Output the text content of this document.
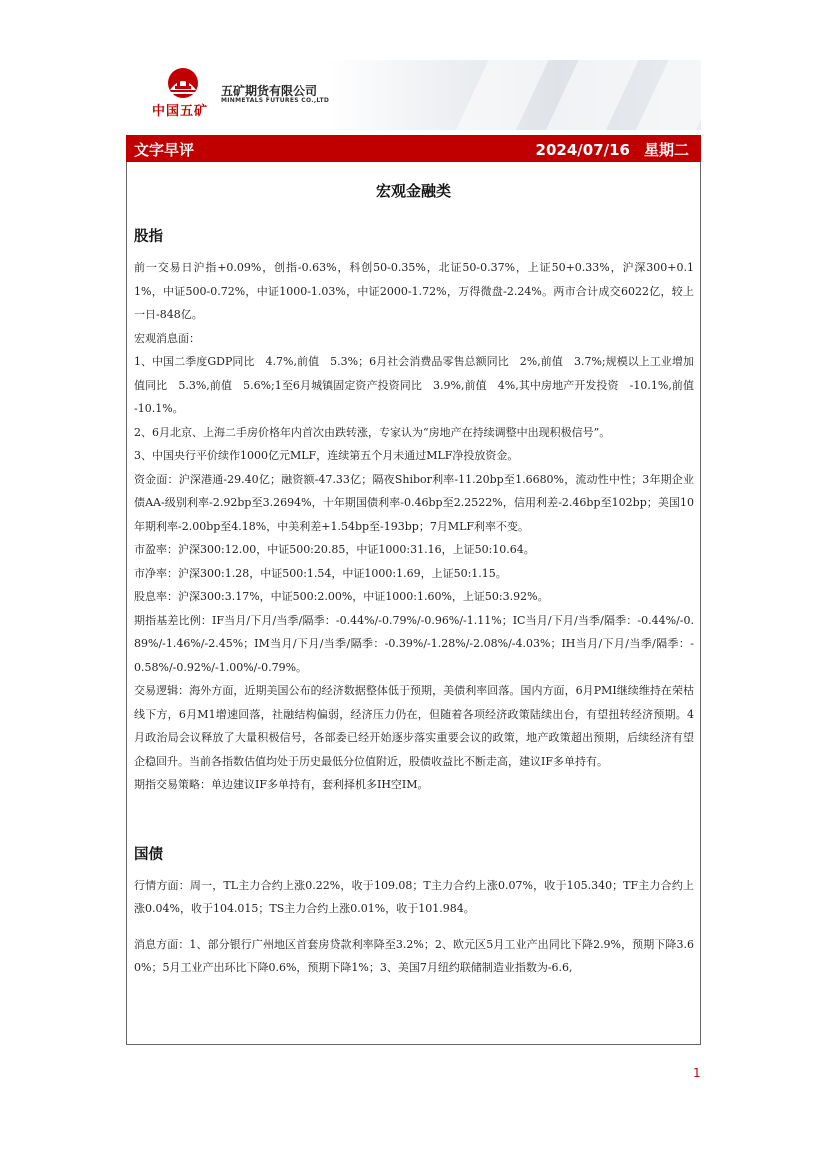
中国五矿
五矿期货有限公司
MINMETALS FUTURES CO.,LTD
文字早评	2024/07/16 星期二
宏观金融类
股指

前一交易日沪指+0.09%，创指-0.63%，科创50-0.35%，北证50-0.37%，上证50+0.33%，沪深300+0.11%，中证500-0.72%，中证1000-1.03%，中证2000-1.72%，万得微盘-2.24%。两市合计成交6022亿，较上一日-848亿。

宏观消息面：

1、中国二季度GDP同比　4.7%,前值　5.3%；6月社会消费品零售总额同比　2%,前值　3.7%;规模以上工业增加值同比　5.3%,前值　5.6%;1至6月城镇固定资产投资同比　3.9%,前值　4%,其中房地产开发投资　-10.1%,前值　-10.1%。

2、6月北京、上海二手房价格年内首次由跌转涨，专家认为“房地产在持续调整中出现积极信号”。

3、中国央行平价续作1000亿元MLF，连续第五个月未通过MLF净投放资金。

资金面：沪深港通-29.40亿；融资额-47.33亿；隔夜Shibor利率-11.20bp至1.6680%，流动性中性；3年期企业债AA-级别利率-2.92bp至3.2694%，十年期国债利率-0.46bp至2.2522%，信用利差-2.46bp至102bp；美国10年期利率-2.00bp至4.18%，中美利差+1.54bp至-193bp；7月MLF利率不变。

市盈率：沪深300:12.00，中证500:20.85，中证1000:31.16，上证50:10.64。

市净率：沪深300:1.28，中证500:1.54，中证1000:1.69，上证50:1.15。

股息率：沪深300:3.17%，中证500:2.00%，中证1000:1.60%，上证50:3.92%。

期指基差比例：IF当月/下月/当季/隔季：-0.44%/-0.79%/-0.96%/-1.11%；IC当月/下月/当季/隔季：-0.44%/-0.89%/-1.46%/-2.45%；IM当月/下月/当季/隔季：-0.39%/-1.28%/-2.08%/-4.03%；IH当月/下月/当季/隔季：-0.58%/-0.92%/-1.00%/-0.79%。

交易逻辑：海外方面，近期美国公布的经济数据整体低于预期，美债利率回落。国内方面，6月PMI继续维持在荣枯线下方，6月M1增速回落，社融结构偏弱，经济压力仍在，但随着各项经济政策陆续出台，有望扭转经济预期。4月政治局会议释放了大量积极信号，各部委已经开始逐步落实重要会议的政策，地产政策超出预期，后续经济有望企稳回升。当前各指数估值均处于历史最低分位值附近，股债收益比不断走高，建议IF多单持有。

期指交易策略：单边建议IF多单持有，套利择机多IH空IM。

国债

行情方面：周一，TL主力合约上涨0.22%，收于109.08；T主力合约上涨0.07%，收于105.340；TF主力合约上涨0.04%，收于104.015；TS主力合约上涨0.01%，收于101.984。

消息方面：1、部分银行广州地区首套房贷款利率降至3.2%；2、欧元区5月工业产出同比下降2.9%，预期下降3.60%；5月工业产出环比下降0.6%，预期下降1%；3、美国7月纽约联储制造业指数为-6.6,

1
